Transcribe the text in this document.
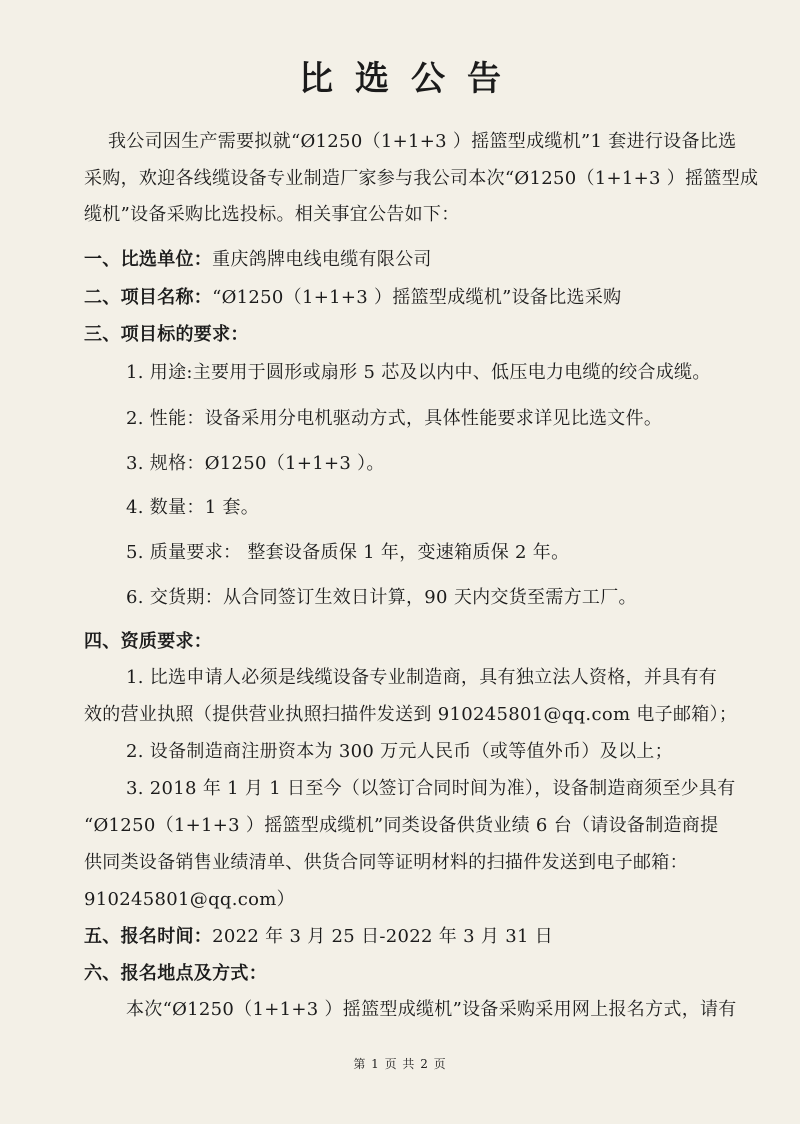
比选公告
我公司因生产需要拟就“Ø1250（1+1+3 ）摇篮型成缆机”1 套进行设备比选
采购，欢迎各线缆设备专业制造厂家参与我公司本次“Ø1250（1+1+3 ）摇篮型成
缆机”设备采购比选投标。相关事宜公告如下：
一、比选单位：重庆鸽牌电线电缆有限公司
二、项目名称：“Ø1250（1+1+3 ）摇篮型成缆机”设备比选采购
三、项目标的要求：
1. 用途:主要用于圆形或扇形 5 芯及以内中、低压电力电缆的绞合成缆。
2. 性能：设备采用分电机驱动方式，具体性能要求详见比选文件。
3. 规格：Ø1250（1+1+3 ）。
4. 数量：1 套。
5. 质量要求： 整套设备质保 1 年，变速箱质保 2 年。
6. 交货期：从合同签订生效日计算，90 天内交货至需方工厂。
四、资质要求：
1. 比选申请人必须是线缆设备专业制造商，具有独立法人资格，并具有有
效的营业执照（提供营业执照扫描件发送到 910245801@qq.com 电子邮箱）；
2. 设备制造商注册资本为 300 万元人民币（或等值外币）及以上；
3. 2018 年 1 月 1 日至今（以签订合同时间为准），设备制造商须至少具有
“Ø1250（1+1+3 ）摇篮型成缆机”同类设备供货业绩 6 台（请设备制造商提
供同类设备销售业绩清单、供货合同等证明材料的扫描件发送到电子邮箱：
910245801@qq.com）
五、报名时间：2022 年 3 月 25 日-2022 年 3 月 31 日
六、报名地点及方式：
本次“Ø1250（1+1+3 ）摇篮型成缆机”设备采购采用网上报名方式，请有
第 1 页 共 2 页
